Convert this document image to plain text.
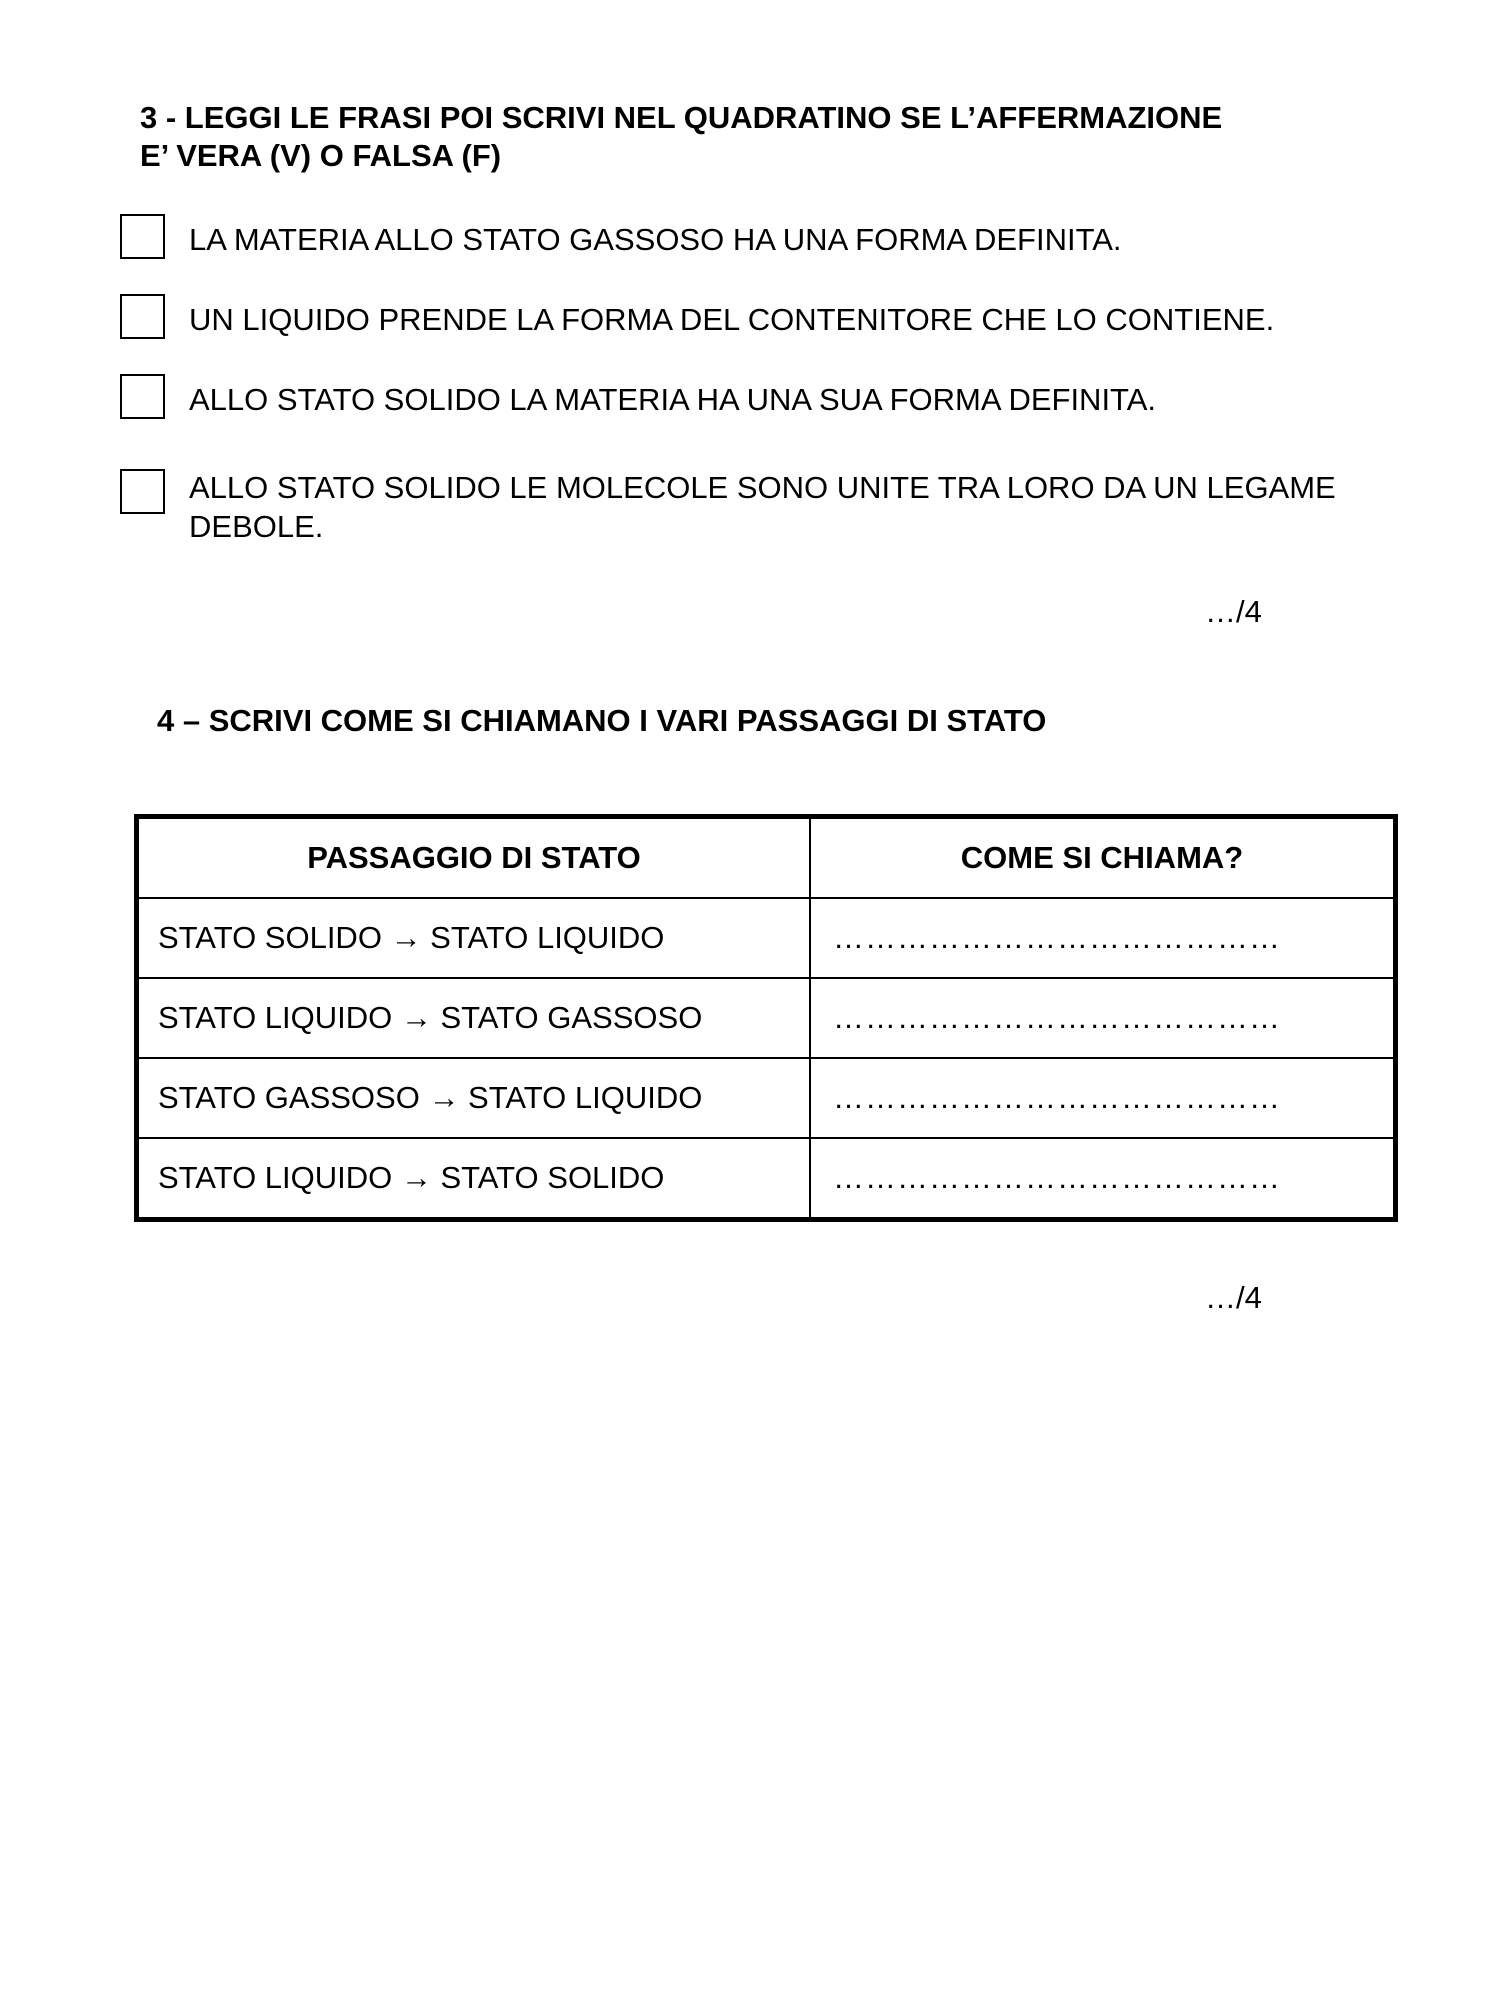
3 - LEGGI LE FRASI POI SCRIVI NEL QUADRATINO SE L’AFFERMAZIONE
E’ VERA (V) O FALSA (F)
LA MATERIA ALLO STATO GASSOSO HA UNA FORMA DEFINITA.
UN LIQUIDO PRENDE LA FORMA DEL CONTENITORE CHE LO CONTIENE.
ALLO STATO SOLIDO LA MATERIA HA UNA SUA FORMA DEFINITA.
ALLO STATO SOLIDO LE MOLECOLE SONO UNITE TRA LORO DA UN LEGAME DEBOLE.
…/4
4 – SCRIVI COME SI CHIAMANO I VARI PASSAGGI DI STATO
PASSAGGIO DI STATO	COME SI CHIAMA?
STATO SOLIDO → STATO LIQUIDO	……………………………………
STATO LIQUIDO → STATO GASSOSO	……………………………………
STATO GASSOSO → STATO LIQUIDO	……………………………………
STATO LIQUIDO → STATO SOLIDO	……………………………………
…/4
